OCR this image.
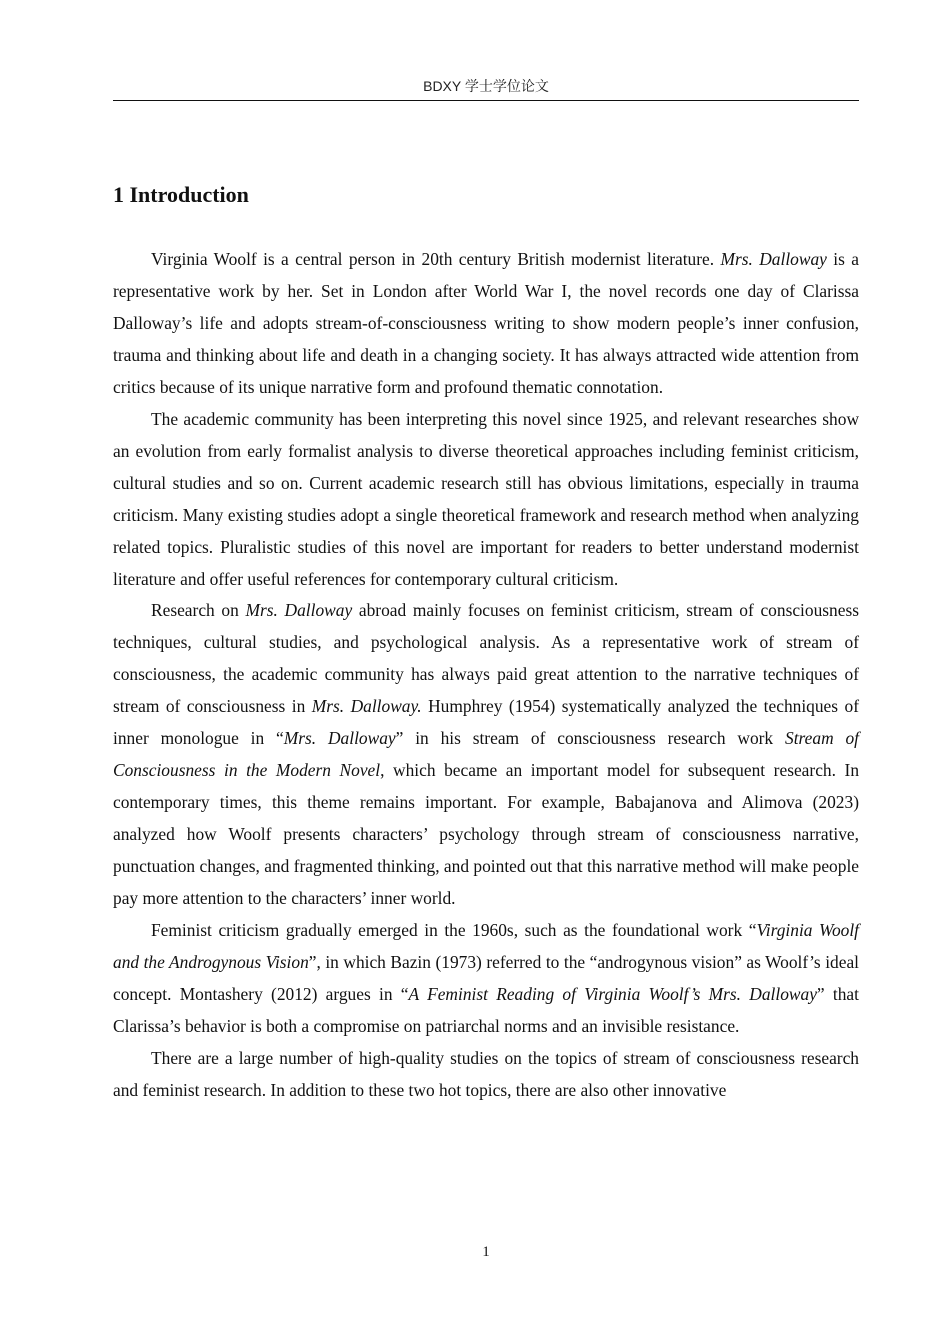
BDXY 学士学位论文
1 Introduction

Virginia Woolf is a central person in 20th century British modernist literature. Mrs. Dalloway is a representative work by her. Set in London after World War I, the novel records one day of Clarissa Dalloway’s life and adopts stream-of-consciousness writing to show modern people’s inner confusion, trauma and thinking about life and death in a changing society. It has always attracted wide attention from critics because of its unique narrative form and profound thematic connotation.

The academic community has been interpreting this novel since 1925, and relevant researches show an evolution from early formalist analysis to diverse theoretical approaches including feminist criticism, cultural studies and so on. Current academic research still has obvious limitations, especially in trauma criticism. Many existing studies adopt a single theoretical framework and research method when analyzing related topics. Pluralistic studies of this novel are important for readers to better understand modernist literature and offer useful references for contemporary cultural criticism.

Research on Mrs. Dalloway abroad mainly focuses on feminist criticism, stream of consciousness techniques, cultural studies, and psychological analysis. As a representative work of stream of consciousness, the academic community has always paid great attention to the narrative techniques of stream of consciousness in Mrs. Dalloway. Humphrey (1954) systematically analyzed the techniques of inner monologue in “Mrs. Dalloway” in his stream of consciousness research work Stream of Consciousness in the Modern Novel, which became an important model for subsequent research. In contemporary times, this theme remains important. For example, Babajanova and Alimova (2023) analyzed how Woolf presents characters’ psychology through stream of consciousness narrative, punctuation changes, and fragmented thinking, and pointed out that this narrative method will make people pay more attention to the characters’ inner world.

Feminist criticism gradually emerged in the 1960s, such as the foundational work “Virginia Woolf and the Androgynous Vision”, in which Bazin (1973) referred to the “androgynous vision” as Woolf’s ideal concept. Montashery (2012) argues in “A Feminist Reading of Virginia Woolf’s Mrs. Dalloway” that Clarissa’s behavior is both a compromise on patriarchal norms and an invisible resistance.

There are a large number of high-quality studies on the topics of stream of consciousness research and feminist research. In addition to these two hot topics, there are also other innovative

1
